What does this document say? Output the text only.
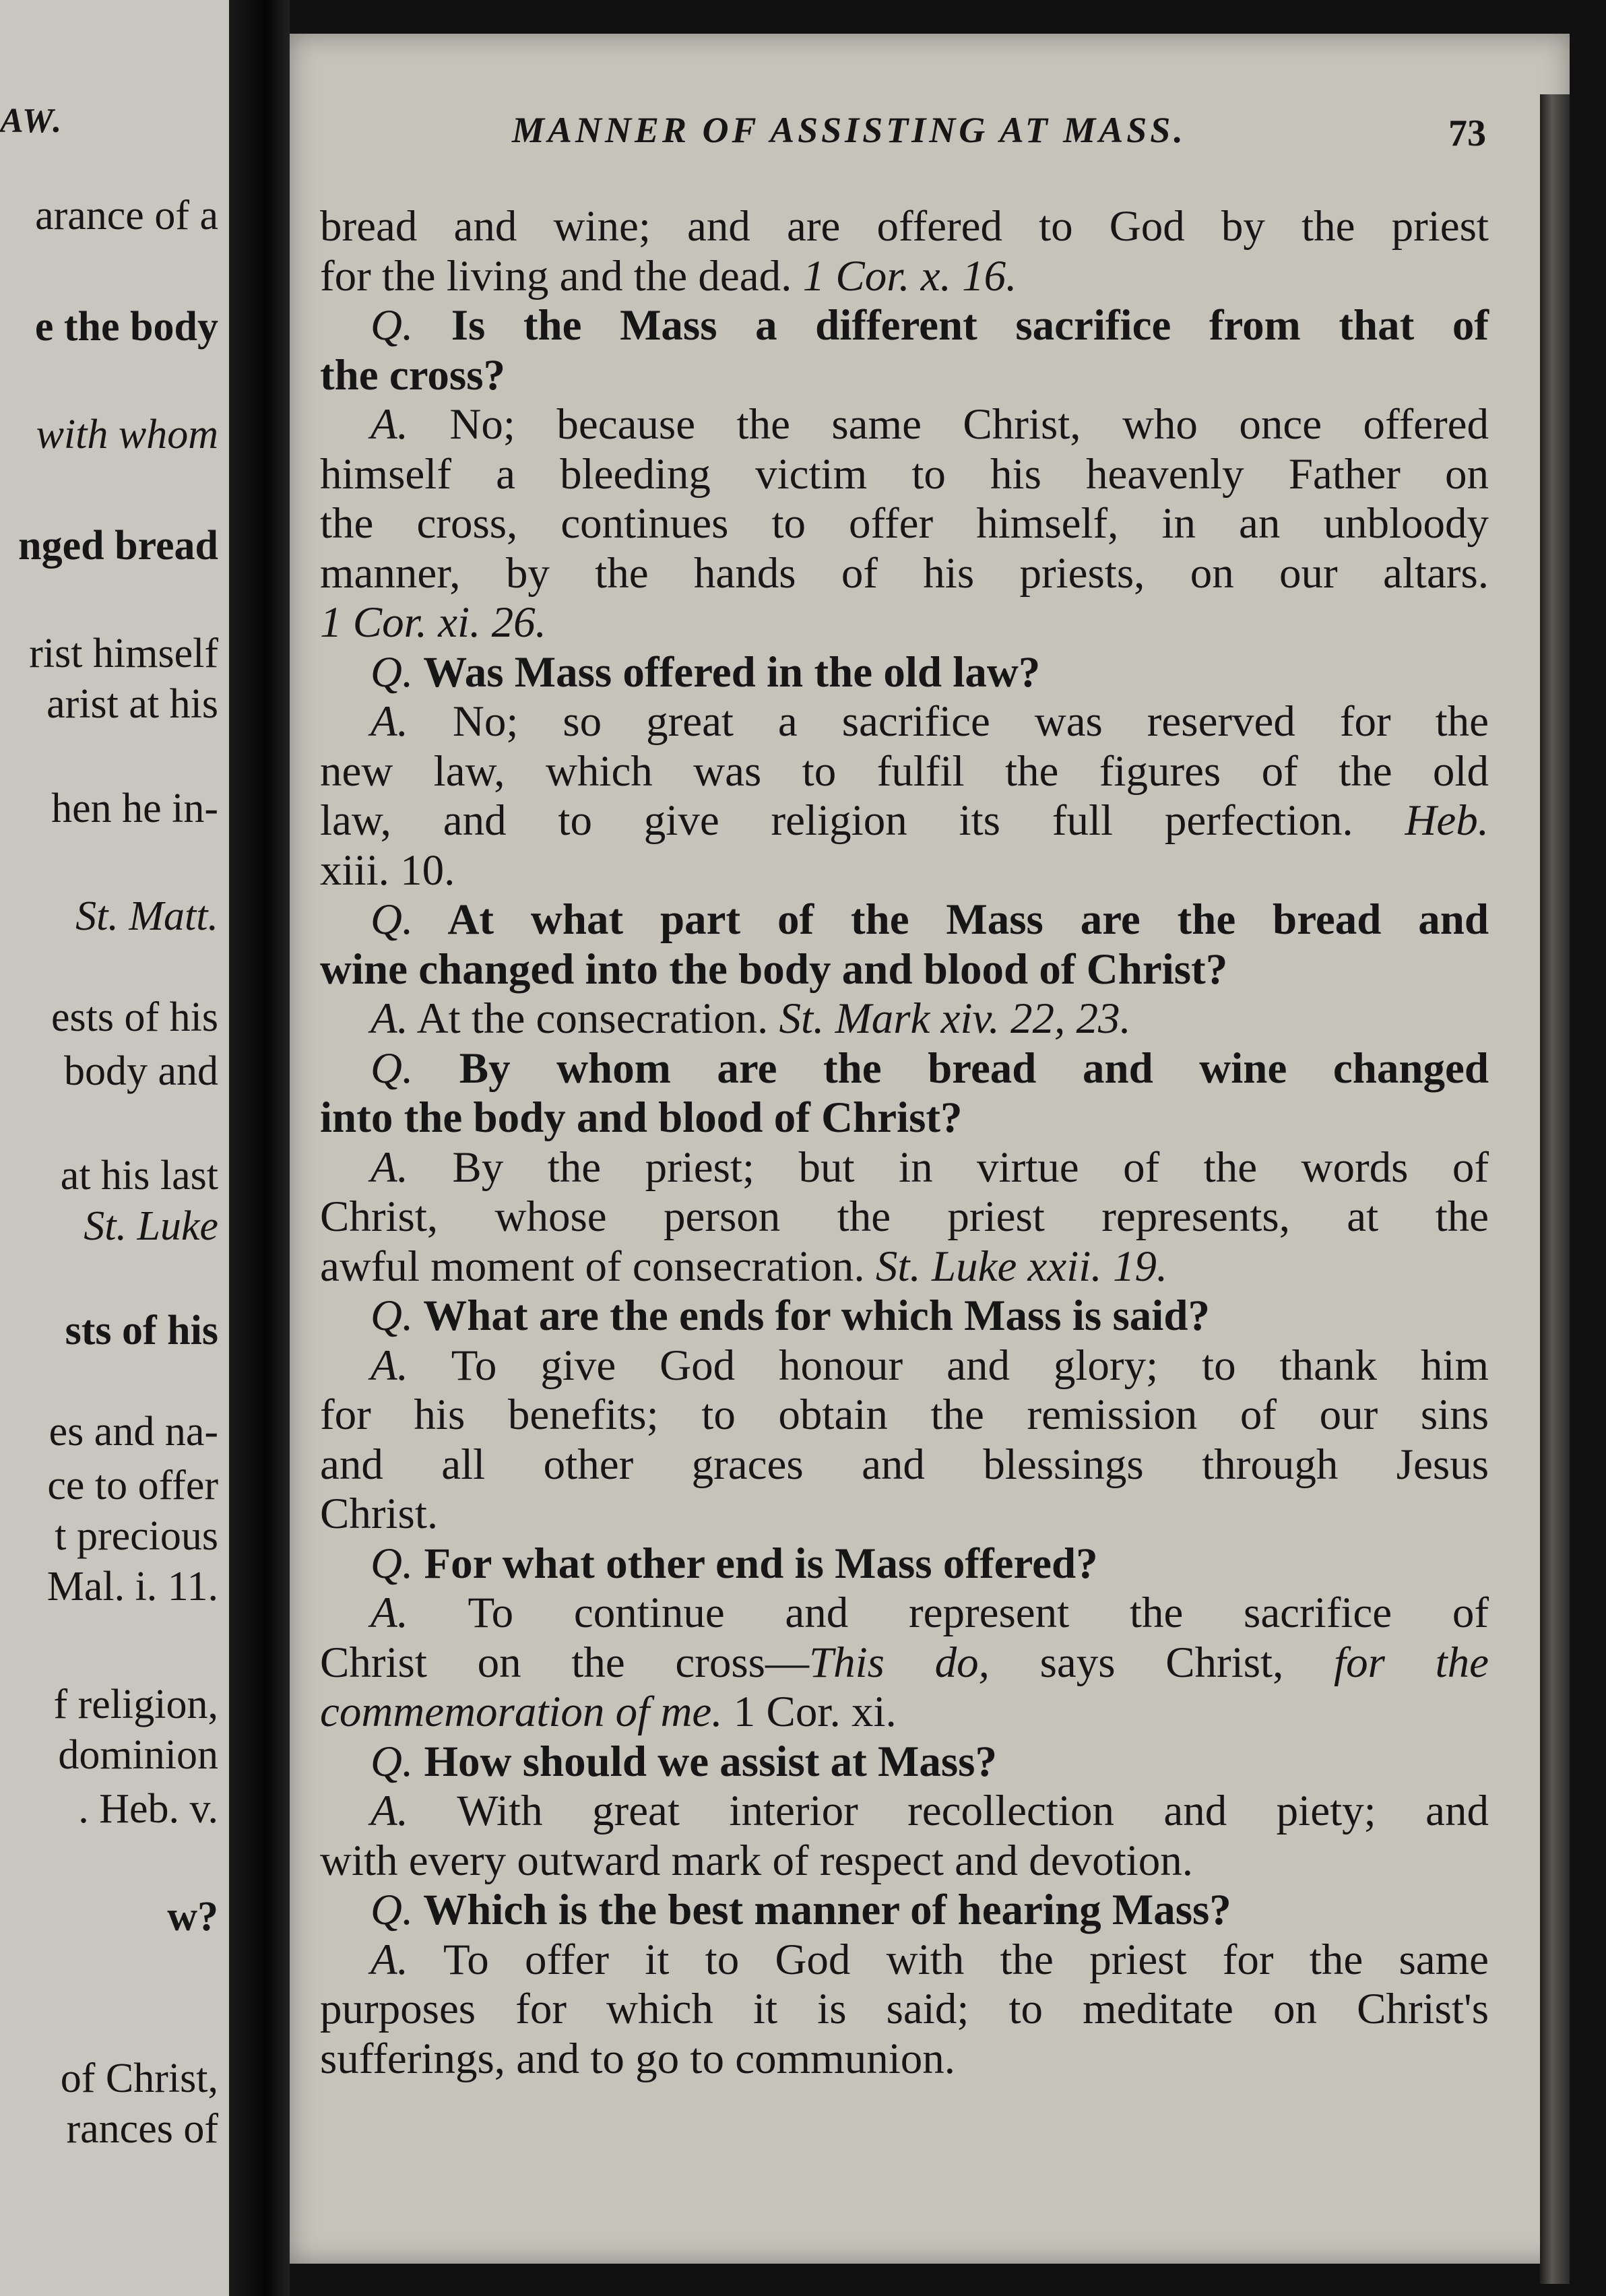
AW.
arance of a
e the body
with whom
nged bread
rist himself
arist at his
hen he in-
St. Matt.
ests of his
body and
at his last
St. Luke
sts of his
es and na-
ce to offer
t precious
Mal. i. 11.
f religion,
dominion
. Heb. v.
w?
of Christ,
rances of
MANNER OF ASSISTING AT MASS.	73
bread and wine; and are offered to God by the priest
for the living and the dead. 1 Cor. x. 16.
Q. Is the Mass a different sacrifice from that of
the cross?
A. No; because the same Christ, who once offered
himself a bleeding victim to his heavenly Father on
the cross, continues to offer himself, in an unbloody
manner, by the hands of his priests, on our altars.
1 Cor. xi. 26.
Q. Was Mass offered in the old law?
A. No; so great a sacrifice was reserved for the
new law, which was to fulfil the figures of the old
law, and to give religion its full perfection. Heb.
xiii. 10.
Q. At what part of the Mass are the bread and
wine changed into the body and blood of Christ?
A. At the consecration. St. Mark xiv. 22, 23.
Q. By whom are the bread and wine changed
into the body and blood of Christ?
A. By the priest; but in virtue of the words of
Christ, whose person the priest represents, at the
awful moment of consecration. St. Luke xxii. 19.
Q. What are the ends for which Mass is said?
A. To give God honour and glory; to thank him
for his benefits; to obtain the remission of our sins
and all other graces and blessings through Jesus
Christ.
Q. For what other end is Mass offered?
A. To continue and represent the sacrifice of
Christ on the cross—This do, says Christ, for the
commemoration of me. 1 Cor. xi.
Q. How should we assist at Mass?
A. With great interior recollection and piety; and
with every outward mark of respect and devotion.
Q. Which is the best manner of hearing Mass?
A. To offer it to God with the priest for the same
purposes for which it is said; to meditate on Christ's
sufferings, and to go to communion.
